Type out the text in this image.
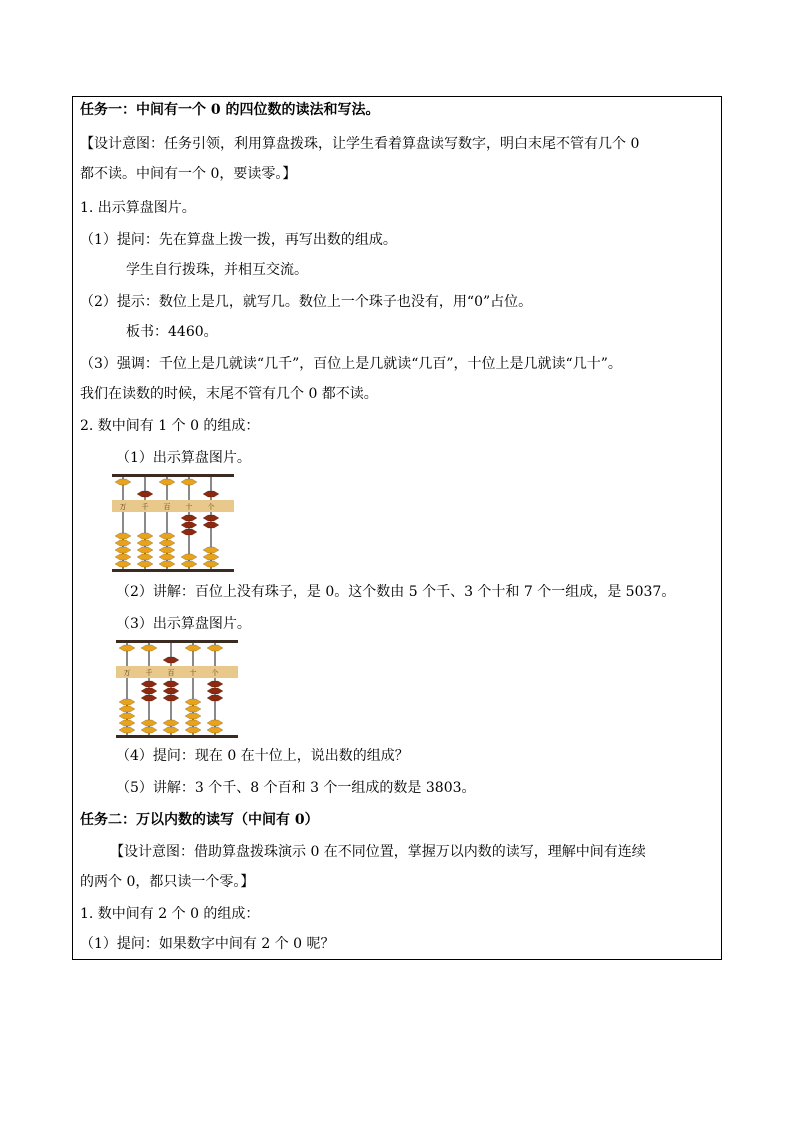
任务一：中间有一个 0 的四位数的读法和写法。
【设计意图：任务引领，利用算盘拨珠，让学生看着算盘读写数字，明白末尾不管有几个 0
都不读。中间有一个 0，要读零。】
1. 出示算盘图片。
（1）提问：先在算盘上拨一拨，再写出数的组成。
学生自行拨珠，并相互交流。
（2）提示：数位上是几，就写几。数位上一个珠子也没有，用“0”占位。
板书：4460。
（3）强调：千位上是几就读“几千”，百位上是几就读“几百”，十位上是几就读“几十”。
我们在读数的时候，末尾不管有几个 0 都不读。
2. 数中间有 1 个 0 的组成：
（1）出示算盘图片。
万 千 百 十 个
（2）讲解：百位上没有珠子，是 0。这个数由 5 个千、3 个十和 7 个一组成，是 5037。
（3）出示算盘图片。
万 千 百 十 个
（4）提问：现在 0 在十位上，说出数的组成？
（5）讲解：3 个千、8 个百和 3 个一组成的数是 3803。
任务二：万以内数的读写（中间有 0）
【设计意图：借助算盘拨珠演示 0 在不同位置，掌握万以内数的读写，理解中间有连续
的两个 0，都只读一个零。】
1. 数中间有 2 个 0 的组成：
（1）提问：如果数字中间有 2 个 0 呢？
